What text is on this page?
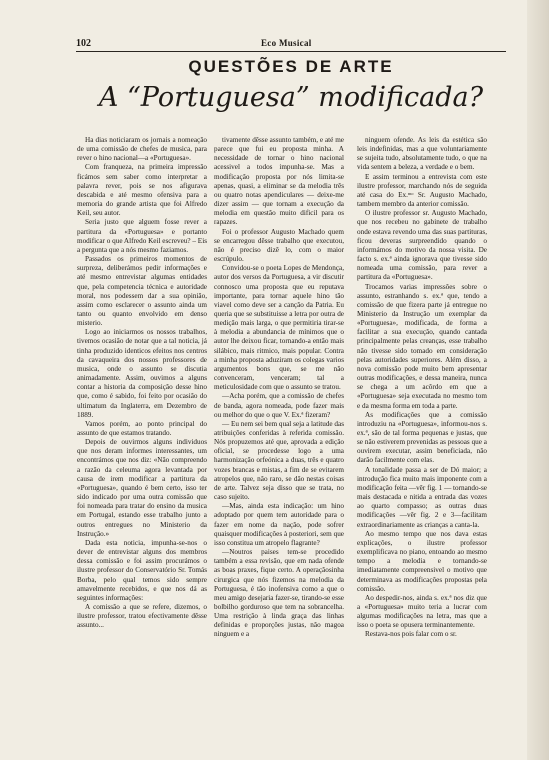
102	Eco Musical
QUESTÕES DE ARTE
A “Portuguesa” modificada?

Ha dias noticiaram os jornais a nomeação de uma comissão de chefes de musica, para rever o hino nacional—a «Portuguesa».

Com franqueza, na primeira impressão ficámos sem saber como interpretar a palavra rever, pois se nos afigurava descabida e até mesmo ofensiva para a memoria do grande artista que foi Alfredo Keil, seu autor.

Seria justo que alguem fosse rever a partitura da «Portuguesa» e portanto modificar o que Alfredo Keil escreveu? – Eis a pergunta que a nós mesmo faziamos.

Passados os primeiros momentos de surpreza, deliberámos pedir informações e até mesmo entrevistar algumas entidades que, pela competencia técnica e autoridade moral, nos podessem dar a sua opinião, assim como esclarecer o assunto ainda um tanto ou quanto envolvido em denso misterio.

Logo ao iniciarmos os nossos trabalhos, tivemos ocasião de notar que a tal noticia, já tinha produzido identicos efeitos nos centros da cavaqueira dos nossos professores de musica, onde o assunto se discutia animadamente. Assim, ouvimos a alguns contar a historia da composição desse hino que, como é sabido, foi feito por ocasião do ultimatum da Inglaterra, em Dezembro de 1889.

Vamos porém, ao ponto principal do assunto de que estamos tratando.

Depois de ouvirmos alguns individuos que nos deram informes interessantes, um encontrámos que nos diz: «Não compreendo a razão da celeuma agora levantada por causa de irem modificar a partitura da «Portuguesa», quando é bem certo, isso ter sido indicado por uma outra comissão que foi nomeada para tratar do ensino da musica em Portugal, estando esse trabalho junto a outros entregues no Ministerio da Instrução.»

Dada esta noticia, impunha-se-nos o dever de entrevistar alguns dos membros dessa comissão e foi assim procurámos o ilustre professor do Conservatório Sr. Tomás Borba, pelo qual temos sido sempre amavelmente recebidos, e que nos dá as seguintes informações:

A comissão a que se refere, dizemos, o ilustre professor, tratou efectivamente dêsse assunto...

tivamente dêsse assunto também, e até me parece que fui eu proposta minha. A necessidade de tornar o hino nacional acessivel a todos impunha-se. Mas a modificação proposta por nós limita-se apenas, quasi, a eliminar se da melodia três ou quatro notas apendiculares — deixe-me dizer assim — que tornam a execução da melodia em questão muito dificil para os rapazes.

Foi o professor Augusto Machado quem se encarregou dêsse trabalho que executou, não é preciso dizê lo, com o maior escrúpulo.

Convidou-se o poeta Lopes de Mendonça, autor dos versos da Portuguesa, a vir discutir connosco uma proposta que eu reputava importante, para tornar aquele hino tão viavel como deve ser a canção da Patria. Eu queria que se substituisse a letra por outra de medição mais larga, o que permitiria tirar-se à melodia a abundancia de mínimos que o autor lhe deixou ficar, tornando-a então mais silábico, mais ritmico, mais popular. Contra a minha proposta aduziram os colegas varios argumentos bons que, se me não convenceram, venceram; tal a meticulosidade com que o assunto se tratou.

—Acha porém, que a comissão de chefes de banda, agora nomeada, pode fazer mais ou melhor do que o que V. Ex.ª fizeram?

— Eu nem sei bem qual seja a latitude das atribuições conferidas à referida comissão. Nós propuzemos até que, aprovada a edição oficial, se procedesse logo a uma harmonização orfeónica a duas, três e quatro vozes brancas e mistas, a fim de se evitarem atropelos que, não raro, se dão nestas coisas de arte. Talvez seja disso que se trata, no caso sujeito.

—Mas, ainda esta indicação: um hino adoptado por quem tem autoridade para o fazer em nome da nação, pode sofrer quaisquer modificações à posteriori, sem que isso constitua um atropelo flagrante?

—Noutros paises tem-se procedido também a essa revisão, que em nada ofende as boas praxes, fique certo. A operaçãosinha cirurgica que nós fizemos na melodia da Portuguesa, é tão inofensiva como a que o meu amigo desejaria fazer-se, tirando-se esse bolbilho gorduroso que tem na sobrancelha. Uma restrição à linda graça das linhas definidas e proporções justas, não magoa ninguem e a

ninguem ofende. As leis da estética são leis indefinidas, mas a que voluntariamente se sujeita tudo, absolutamente tudo, o que na vida sentem a beleza, a verdade e o bem.

E assim terminou a entrevista com este ilustre professor, marchando nós de seguida até casa do Ex.ᵐᵒ Sr. Augusto Machado, tambem membro da anterior comissão.

O ilustre professor sr. Augusto Machado, que nos recebeu no gabinete de trabalho onde estava revendo uma das suas partituras, ficou deveras surpreendido quando o informámos do motivo da nossa visita. De facto s. ex.ª ainda ignorava que tivesse sido nomeada uma comissão, para rever a partitura da «Portuguesa».

Trocamos varias impressões sobre o assunto, estranhando s. ex.ª que, tendo a comissão de que fizera parte já entregue no Ministerio da Instrução um exemplar da «Portuguesa», modificada, de forma a facilitar a sua execução, quando cantada principalmente pelas creanças, esse trabalho não tivesse sido tomado em consideração pelas autoridades superiores. Além disso, a nova comissão pode muito bem apresentar outras modificações, e dessa maneira, nunca se chega a um acôrdo em que a «Portuguesa» seja executada no mesmo tom e da mesma forma em toda a parte.

As modificações que a comissão introduziu na «Portuguesa», informou-nos s. ex.ª, são de tal forma pequenas e justas, que se não estiverem prevenidas as pessoas que a ouvirem executar, assim beneficiada, não darão facilmente com elas.

A tonalidade passa a ser de Dó maior; a introdução fica muito mais imponente com a modificação feita —vêr fig. 1 — tornando-se mais destacada e nitida a entrada das vozes ao quarto compasso; as outras duas modificações —vêr fig. 2 e 3—facilitam extraordinariamente as crianças a canta-la.

Ao mesmo tempo que nos dava estas explicações, o ilustre professor exemplificava no piano, entoando ao mesmo tempo a melodia e tornando-se imediatamente compreensivel o motivo que determinava as modificações propostas pela comissão.

Ao despedir-nos, ainda s. ex.ª nos diz que a «Portuguesa» muito teria a lucrar com algumas modificações na letra, mas que a isso o poeta se opusera terminantemente.

Restava-nos pois falar com o sr.
